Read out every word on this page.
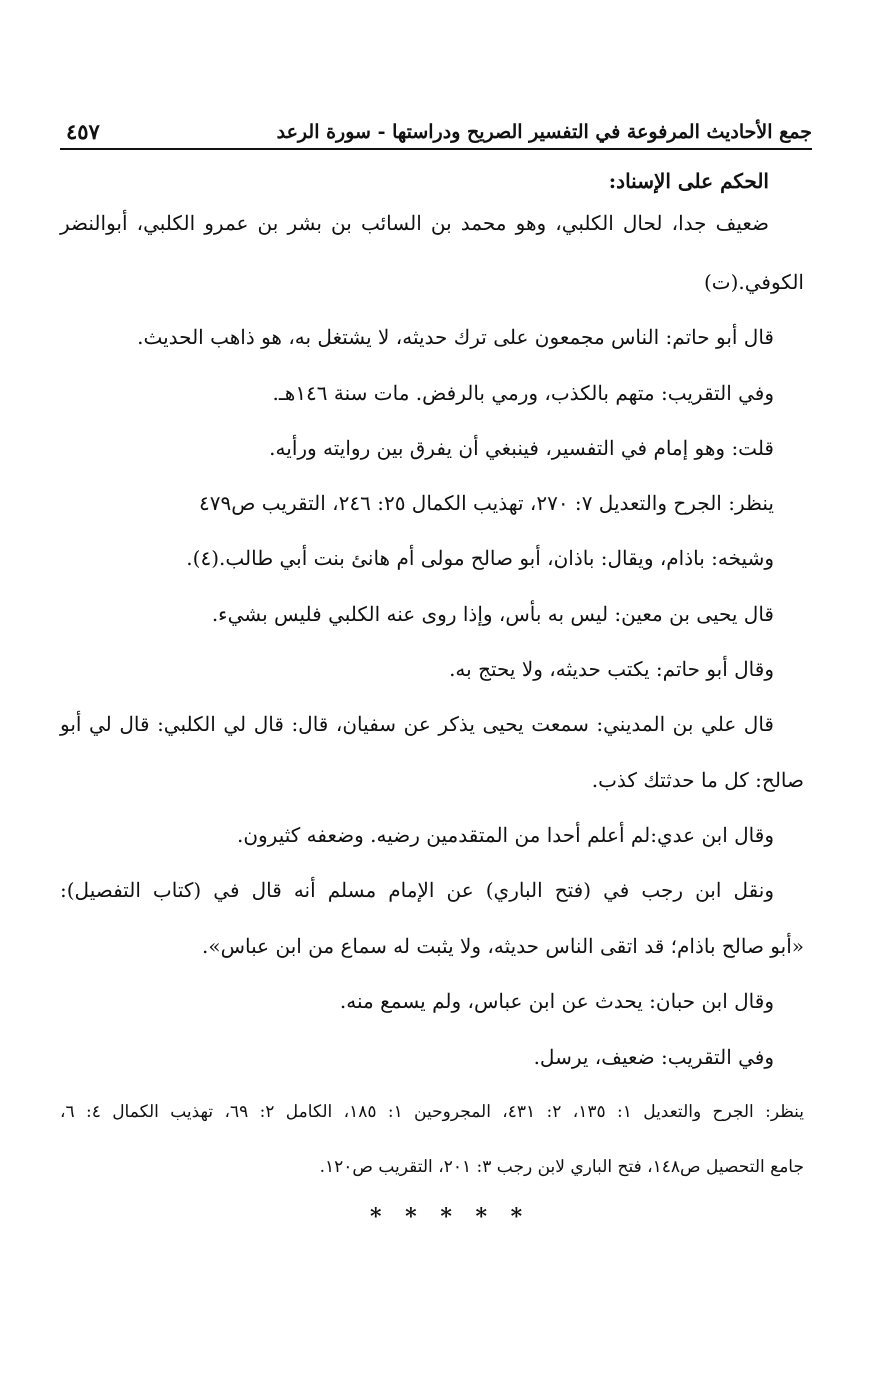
جمع الأحاديث المرفوعة في التفسير الصريح ودراستها - سورة الرعد
٤٥٧
الحكم على الإسناد:
ضعيف جدا، لحال الكلبي، وهو محمد بن السائب بن بشر بن عمرو الكلبي، أبوالنضر
الكوفي.(ت)
قال أبو حاتم: الناس مجمعون على ترك حديثه، لا يشتغل به، هو ذاهب الحديث.
وفي التقريب: متهم بالكذب، ورمي بالرفض. مات سنة ١٤٦هـ.
قلت: وهو إمام في التفسير، فينبغي أن يفرق بين روايته ورأيه.
ينظر: الجرح والتعديل ٧: ٢٧٠، تهذيب الكمال ٢٥: ٢٤٦، التقريب ص٤٧٩
وشيخه: باذام، ويقال: باذان، أبو صالح مولى أم هانئ بنت أبي طالب.(٤).
قال يحيى بن معين: ليس به بأس، وإذا روى عنه الكلبي فليس بشيء.
وقال أبو حاتم: يكتب حديثه، ولا يحتج به.
قال علي بن المديني: سمعت يحيى يذكر عن سفيان، قال: قال لي الكلبي: قال لي أبو
صالح: كل ما حدثتك كذب.
وقال ابن عدي:لم أعلم أحدا من المتقدمين رضيه. وضعفه كثيرون.
ونقل ابن رجب في (فتح الباري) عن الإمام مسلم أنه قال في (كتاب التفصيل):
«أبو صالح باذام؛ قد اتقى الناس حديثه، ولا يثبت له سماع من ابن عباس».
وقال ابن حبان: يحدث عن ابن عباس، ولم يسمع منه.
وفي التقريب: ضعيف، يرسل.
ينظر: الجرح والتعديل ١: ١٣٥، ٢: ٤٣١، المجروحين ١: ١٨٥، الكامل ٢: ٦٩، تهذيب الكمال ٤: ٦،
جامع التحصيل ص١٤٨، فتح الباري لابن رجب ٣: ٢٠١، التقريب ص١٢٠.
* * * * *
